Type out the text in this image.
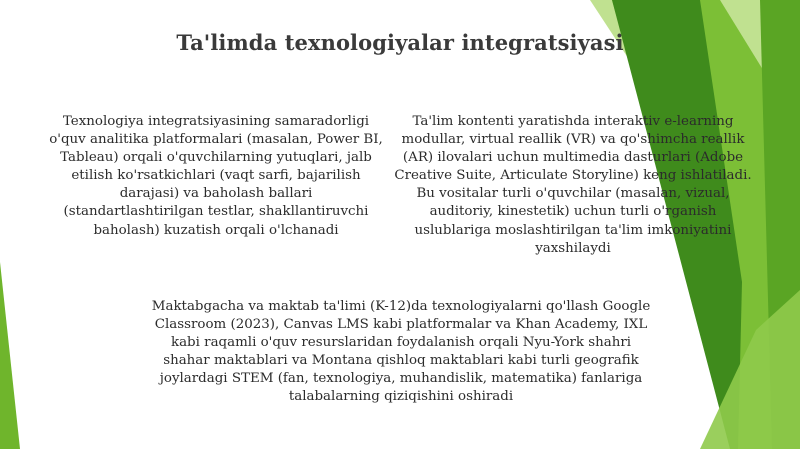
Ta'limda texnologiyalar integratsiyasi
Texnologiya integratsiyasining samaradorligi o'quv analitika platformalari (masalan, Power BI, Tableau) orqali o'quvchilarning yutuqlari, jalb etilish ko'rsatkichlari (vaqt sarfi, bajarilish darajasi) va baholash ballari (standartlashtirilgan testlar, shakllantiruvchi baholash) kuzatish orqali o'lchanadi
Ta'lim kontenti yaratishda interaktiv e-learning modullar, virtual reallik (VR) va qo'shimcha reallik (AR) ilovalari uchun multimedia dasturlari (Adobe Creative Suite, Articulate Storyline) keng ishlatiladi. Bu vositalar turli o'quvchilar (masalan, vizual, auditoriy, kinestetik) uchun turli o'rganish uslublariga moslashtirilgan ta'lim imkoniyatini yaxshilaydi
Maktabgacha va maktab ta'limi (K-12)da texnologiyalarni qo'llash Google Classroom (2023), Canvas LMS kabi platformalar va Khan Academy, IXL kabi raqamli o'quv resurslaridan foydalanish orqali Nyu-York shahri shahar maktablari va Montana qishloq maktablari kabi turli geografik joylardagi STEM (fan, texnologiya, muhandislik, matematika) fanlariga talabalarning qiziqishini oshiradi
